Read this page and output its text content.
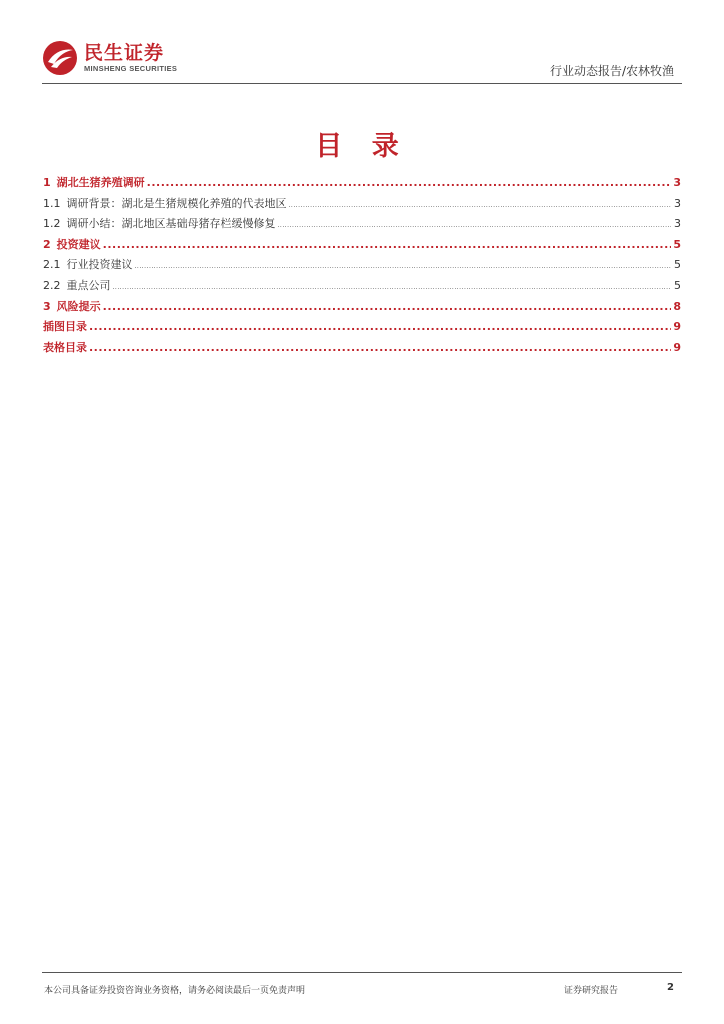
民生证券
MINSHENG SECURITIES	行业动态报告/农林牧渔
目 录
1 湖北生猪养殖调研 .....	3
1.1 调研背景：湖北是生猪规模化养殖的代表地区 .....	3
1.2 调研小结：湖北地区基础母猪存栏缓慢修复 .....	3
2 投资建议 .....	5
2.1 行业投资建议 .....	5
2.2 重点公司 .....	5
3 风险提示 .....	8
插图目录 .....	9
表格目录 .....	9
本公司具备证券投资咨询业务资格，请务必阅读最后一页免责声明	证券研究报告	2
